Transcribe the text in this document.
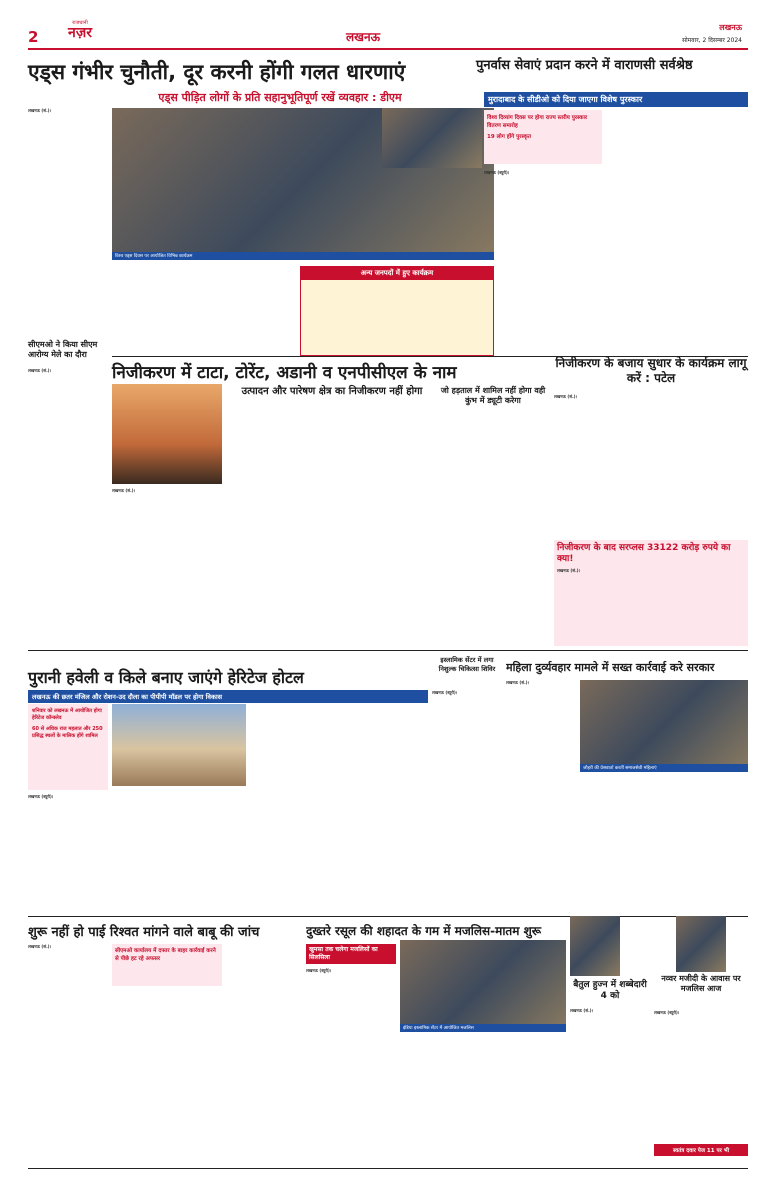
2
राजधानी
नज़र	लखनऊ
लखनऊ
सोमवार, 2 दिसम्बर 2024
एड्स गंभीर चुनौती, दूर करनी होंगी गलत धारणाएं
एड्स पीड़ित लोगों के प्रति सहानुभूतिपूर्ण रखें व्यवहार : डीएम

लखनऊ (सं.)।

विश्व एड्स दिवस पर आयोजित विभिन्न कार्यक्रम
अन्य जनपदों में हुए कार्यक्रम
पुनर्वास सेवाएं प्रदान करने में वाराणसी सर्वश्रेष्ठ
मुरादाबाद के सीडीओ को दिया जाएगा विशेष पुरस्कार
विश्व दिव्यांग दिवस पर होगा राज्य स्तरीय पुरस्कार वितरण समारोह
19 लोग होंगे पुरस्कृत

लखनऊ (ब्यूरो)।

सीएमओ ने किया सीएम आरोग्य मेले का दौरा

लखनऊ (सं.)।	निजीकरण में टाटा, टोरेंट, अडानी व एनपीसीएल के नाम
उत्पादन और पारेषण क्षेत्र का निजीकरण नहीं होगा	जो हड़ताल में शामिल नहीं होगा वही कुंभ में ड्यूटी करेगा

लखनऊ (सं.)।

निजीकरण के बजाय सुधार के कार्यक्रम लागू करें : पटेल

लखनऊ (सं.)।

निजीकरण के बाद सरप्लस 33122 करोड़ रुपये का क्या!

लखनऊ (सं.)।

पुरानी हवेली व किले बनाए जाएंगे हेरिटेज होटल
लखनऊ की छतर मंजिल और रोशन-उद दौला का पीपीपी मॉडल पर होगा विकास
शनिवार को लखनऊ में आयोजित होगा हेरिटेज कॉन्क्लेव
60 से अधिक राज महलात और 250 प्रसिद्ध स्थलों के मालिक होंगे शामिल

लखनऊ (ब्यूरो)।

इस्लामिक सेंटर में लगा निशुल्क चिकित्सा शिविर

लखनऊ (ब्यूरो)।

महिला दुर्व्यवहार मामले में सख्त कार्रवाई करे सरकार

लखनऊ (सं.)।

जौहरी की प्रेसवार्ता करतीं समाजसेवी महिलाएं
शुरू नहीं हो पाई रिश्वत मांगने वाले बाबू की जांच

लखनऊ (सं.)।

सीएमओ कार्यालय में दफ्तर के बाहर कार्रवाई करने से पीछे हट रहे अफसर
दुख्तरे रसूल की शहादत के गम में मजलिस-मातम शुरू
खुमसा तक चलेगा मजलिसों का सिलसिला
इंडिया इस्लामिक सेंटर में आयोजित मजलिस

लखनऊ (ब्यूरो)।

बैतुल हुज्न में शब्बेदारी 4 को

लखनऊ (सं.)।

नव्वर मजीदी के आवास पर मजलिस आज

लखनऊ (ब्यूरो)।

स्वतंत्र दवार पेज 11 पर भी
